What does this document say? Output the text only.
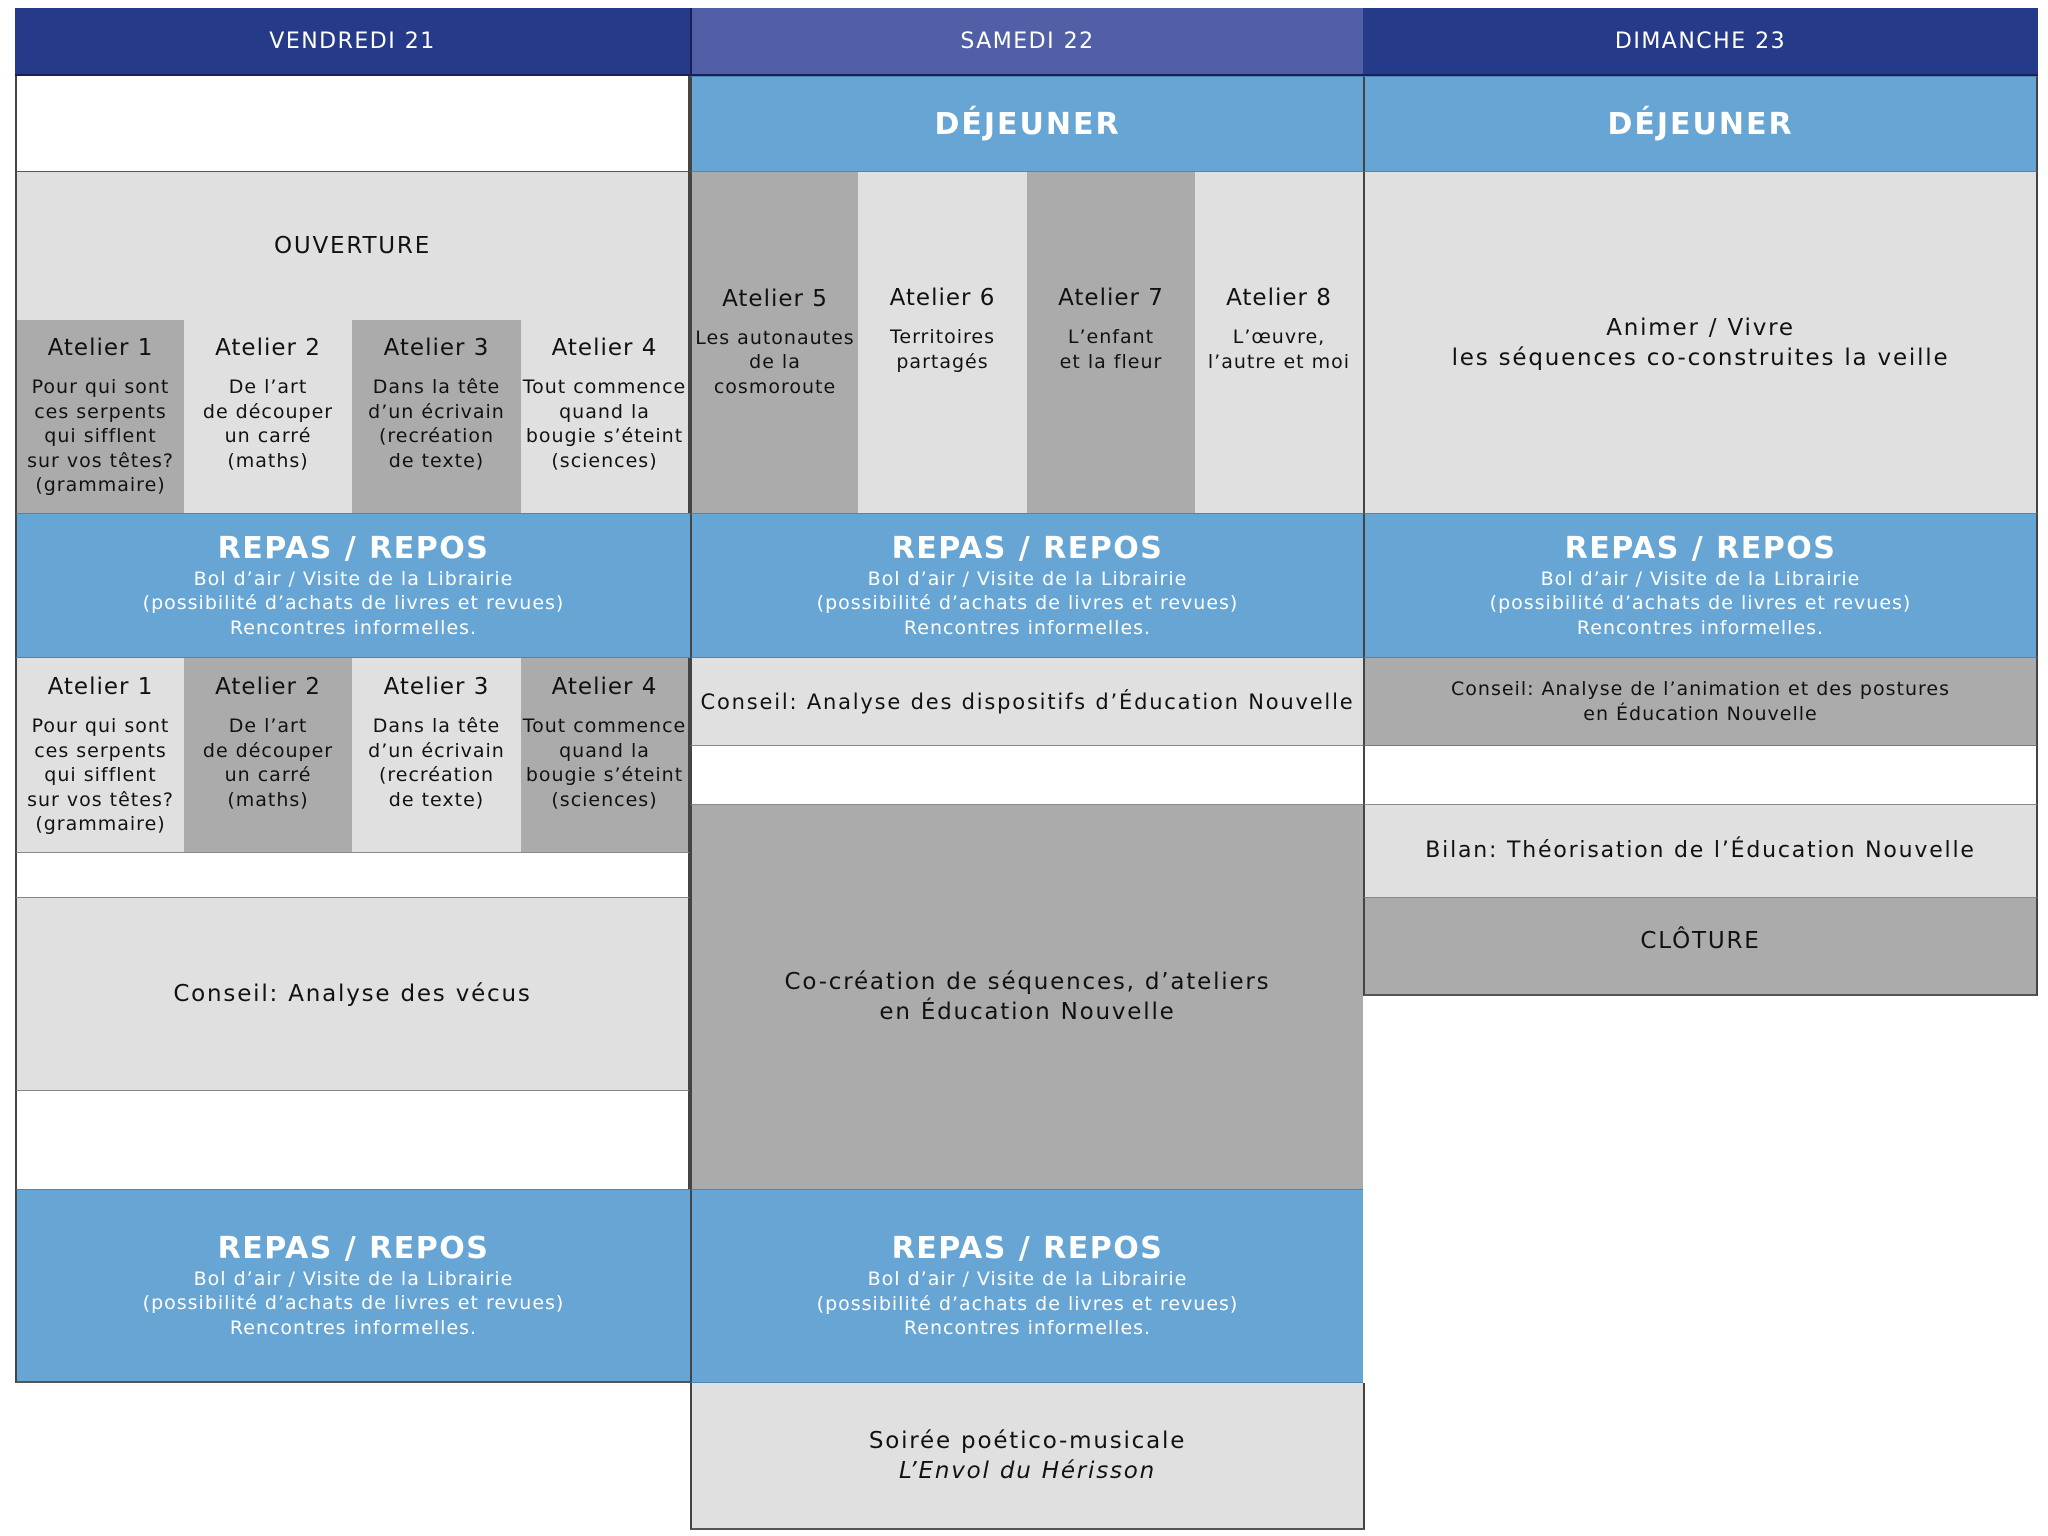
VENDREDI 21	SAMEDI 22	DIMANCHE 23
OUVERTURE
Atelier 1
Pour qui sont
ces serpents
qui sifflent
sur vos têtes?
(grammaire)
Atelier 2
De l’art
de découper
un carré
(maths)
Atelier 3
Dans la tête
d’un écrivain
(recréation
de texte)
Atelier 4
Tout commence
quand la
bougie s’éteint
(sciences)
REPAS / REPOS
Bol d’air / Visite de la Librairie
(possibilité d’achats de livres et revues)
Rencontres informelles.
Atelier 1
Pour qui sont
ces serpents
qui sifflent
sur vos têtes?
(grammaire)
Atelier 2
De l’art
de découper
un carré
(maths)
Atelier 3
Dans la tête
d’un écrivain
(recréation
de texte)
Atelier 4
Tout commence
quand la
bougie s’éteint
(sciences)
Conseil: Analyse des vécus
REPAS / REPOS
Bol d’air / Visite de la Librairie
(possibilité d’achats de livres et revues)
Rencontres informelles.
DÉJEUNER
Atelier 5
Les autonautes
de la
cosmoroute
Atelier 6
Territoires
partagés
Atelier 7
L’enfant
et la fleur
Atelier 8
L’œuvre,
l’autre et moi
REPAS / REPOS
Bol d’air / Visite de la Librairie
(possibilité d’achats de livres et revues)
Rencontres informelles.
Conseil: Analyse des dispositifs d’Éducation Nouvelle
Co-création de séquences, d’ateliers
en Éducation Nouvelle
REPAS / REPOS
Bol d’air / Visite de la Librairie
(possibilité d’achats de livres et revues)
Rencontres informelles.
Soirée poético-musicale
L’Envol du Hérisson
DÉJEUNER
Animer / Vivre
les séquences co-construites la veille
REPAS / REPOS
Bol d’air / Visite de la Librairie
(possibilité d’achats de livres et revues)
Rencontres informelles.
Conseil: Analyse de l’animation et des postures
en Éducation Nouvelle
Bilan: Théorisation de l’Éducation Nouvelle
CLÔTURE
